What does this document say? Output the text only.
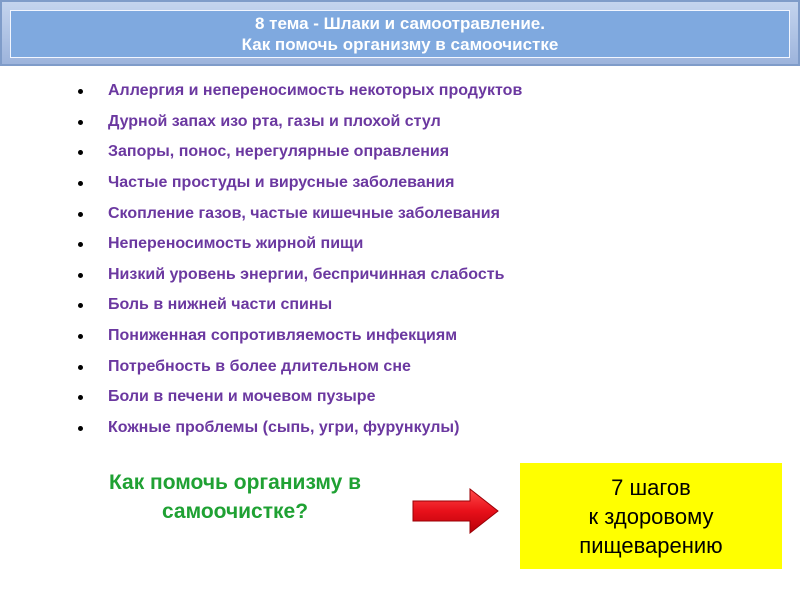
8 тема - Шлаки и самоотравление.
Как помочь организму в самоочистке
Аллергия и непереносимость некоторых продуктов
Дурной запах изо рта, газы и плохой стул
Запоры, понос, нерегулярные оправления
Частые простуды и вирусные заболевания
Скопление газов, частые кишечные заболевания
Непереносимость жирной пищи
Низкий уровень энергии, беспричинная слабость
Боль в нижней части спины
Пониженная сопротивляемость инфекциям
Потребность в более длительном сне
Боли в печени и мочевом пузыре
Кожные проблемы (сыпь, угри, фурункулы)
Как помочь организму в
самоочистке?
7 шагов
к здоровому
пищеварению
